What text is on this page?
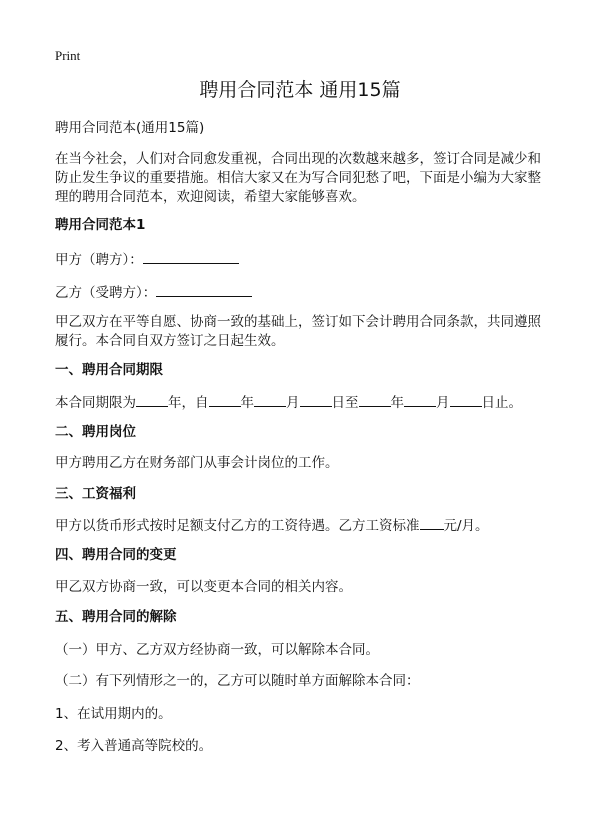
Print
聘用合同范本 通用15篇
聘用合同范本(通用15篇)
在当今社会，人们对合同愈发重视，合同出现的次数越来越多，签订合同是减少和防止发生争议的重要措施。相信大家又在为写合同犯愁了吧，下面是小编为大家整理的聘用合同范本，欢迎阅读，希望大家能够喜欢。
聘用合同范本1
甲方（聘方）：
乙方（受聘方）：
甲乙双方在平等自愿、协商一致的基础上，签订如下会计聘用合同条款，共同遵照履行。本合同自双方签订之日起生效。
一、聘用合同期限
本合同期限为 年，自 年 月 日至 年 月 日止。
二、聘用岗位
甲方聘用乙方在财务部门从事会计岗位的工作。
三、工资福利
甲方以货币形式按时足额支付乙方的工资待遇。乙方工资标准 元/月。
四、聘用合同的变更
甲乙双方协商一致，可以变更本合同的相关内容。
五、聘用合同的解除
（一）甲方、乙方双方经协商一致，可以解除本合同。
（二）有下列情形之一的，乙方可以随时单方面解除本合同：
1、在试用期内的。
2、考入普通高等院校的。
